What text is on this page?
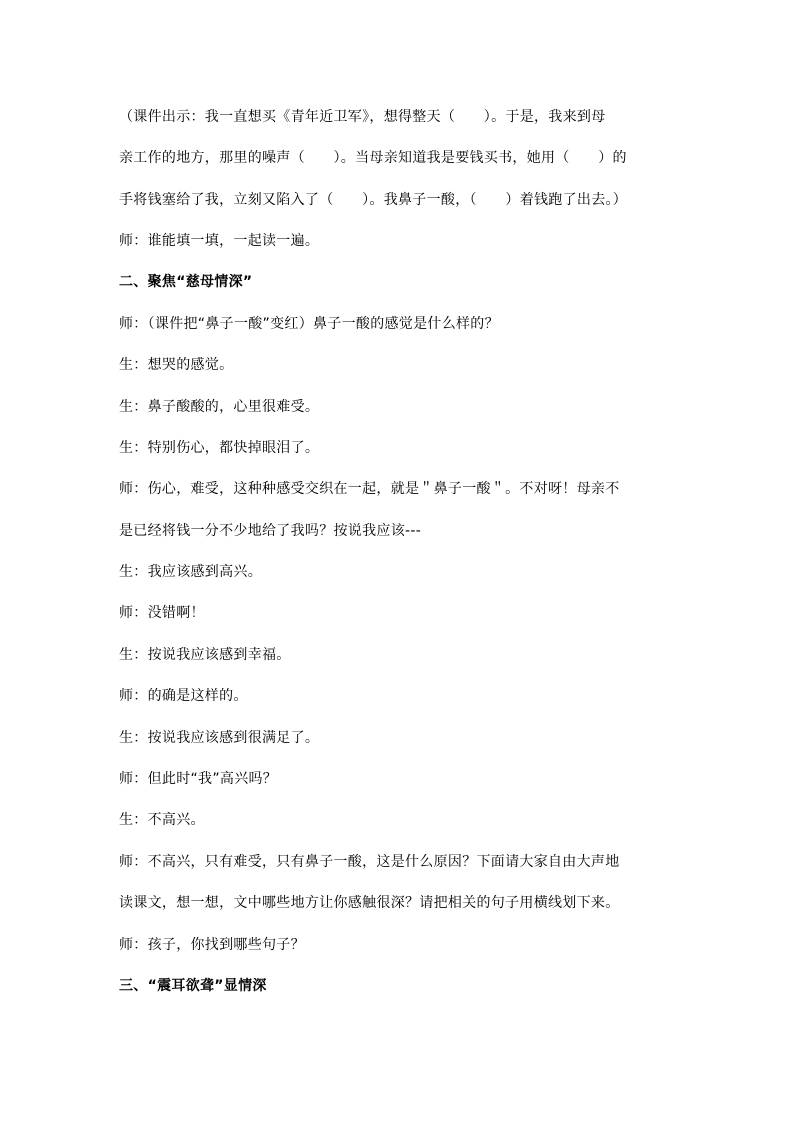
（课件出示：我一直想买《青年近卫军》，想得整天（　　）。于是，我来到母
亲工作的地方，那里的噪声（　　）。当母亲知道我是要钱买书，她用（　　）的
手将钱塞给了我，立刻又陷入了（　　）。我鼻子一酸，（　　）着钱跑了出去。）
师：谁能填一填，一起读一遍。
二、聚焦“慈母情深”
师：（课件把“鼻子一酸”变红）鼻子一酸的感觉是什么样的？
生：想哭的感觉。
生：鼻子酸酸的，心里很难受。
生：特别伤心，都快掉眼泪了。
师：伤心，难受，这种种感受交织在一起，就是＂鼻子一酸＂。不对呀！母亲不
是已经将钱一分不少地给了我吗？按说我应该---
生：我应该感到高兴。
师：没错啊！
生：按说我应该感到幸福。
师：的确是这样的。
生：按说我应该感到很满足了。
师：但此时“我”高兴吗？
生：不高兴。
师：不高兴，只有难受，只有鼻子一酸，这是什么原因？下面请大家自由大声地
读课文，想一想，文中哪些地方让你感触很深？请把相关的句子用横线划下来。
师：孩子，你找到哪些句子？
三、“震耳欲聋”显情深
